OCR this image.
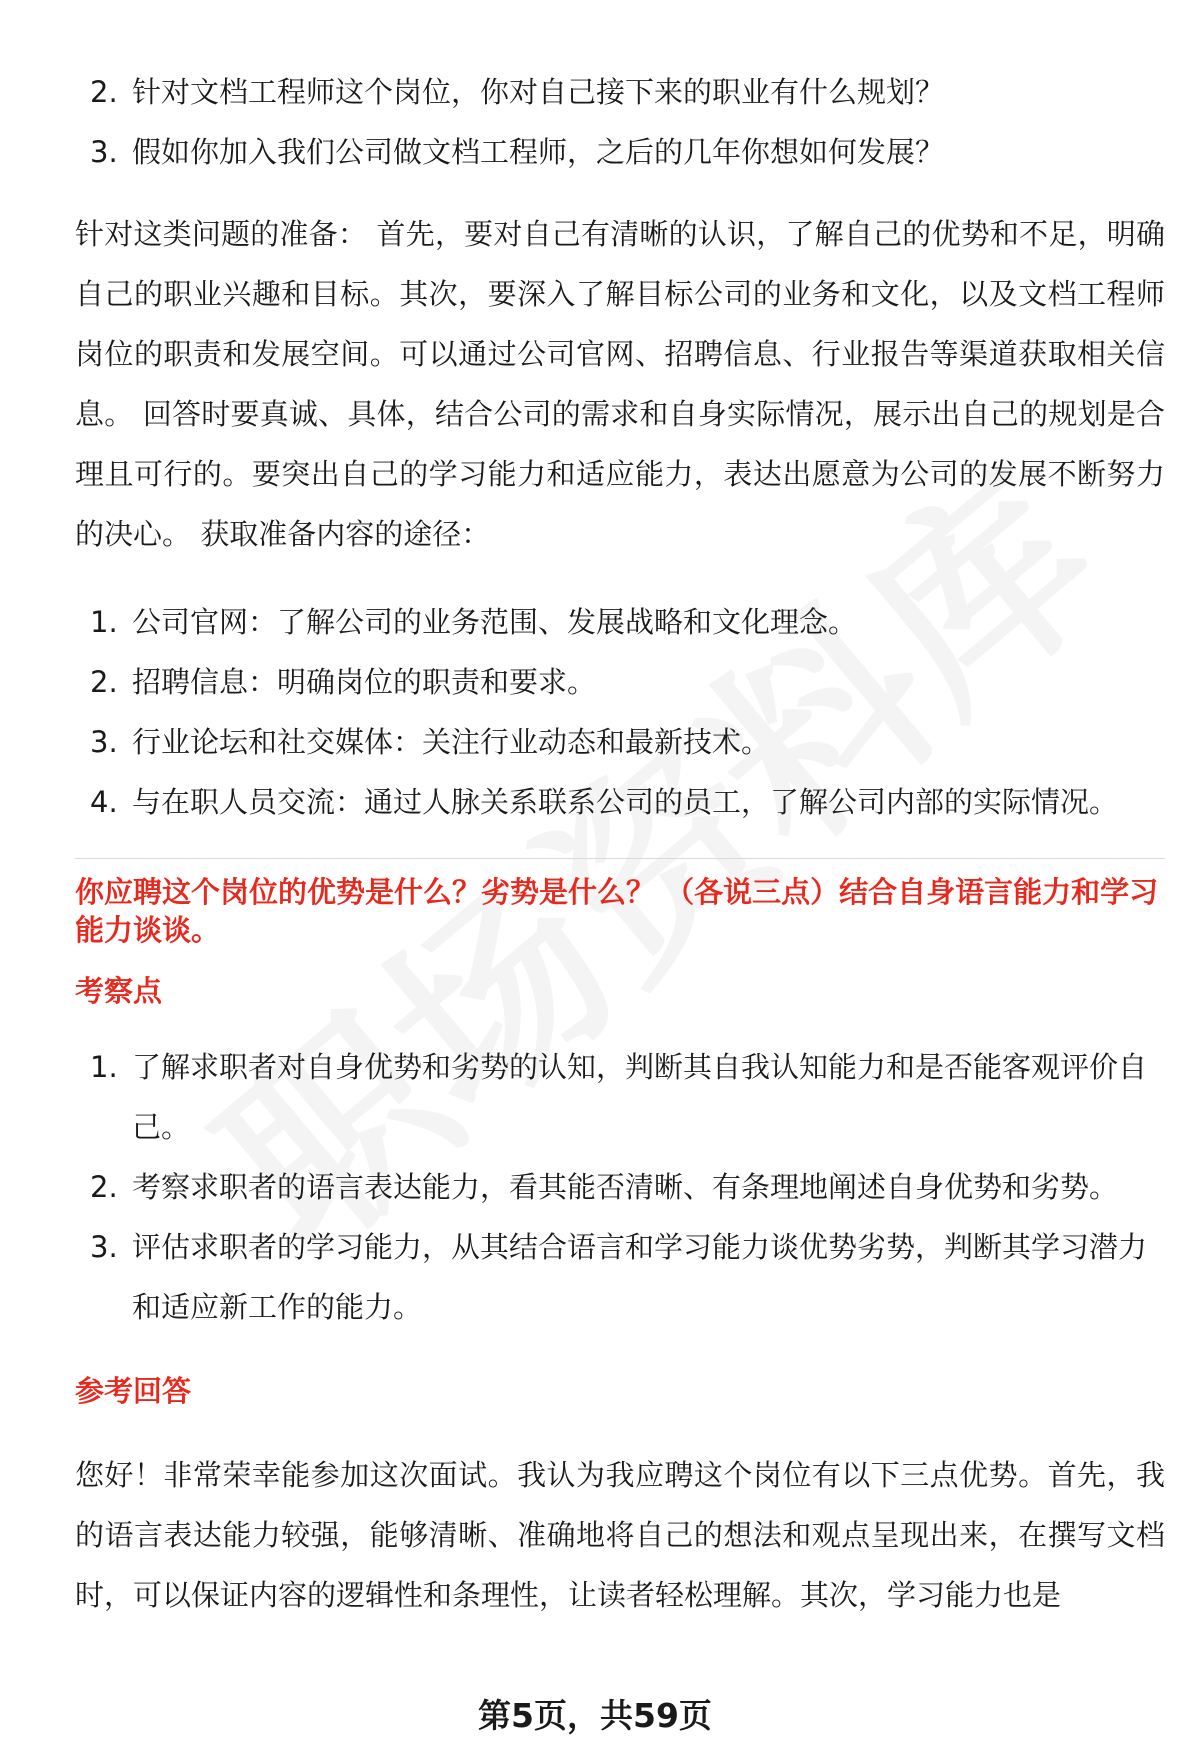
2. 针对文档工程师这个岗位，你对自己接下来的职业有什么规划？
3. 假如你加入我们公司做文档工程师，之后的几年你想如何发展？

针对这类问题的准备： 首先，要对自己有清晰的认识，了解自己的优势和不足，明确自己的职业兴趣和目标。其次，要深入了解目标公司的业务和文化，以及文档工程师岗位的职责和发展空间。可以通过公司官网、招聘信息、行业报告等渠道获取相关信息。 回答时要真诚、具体，结合公司的需求和自身实际情况，展示出自己的规划是合理且可行的。要突出自己的学习能力和适应能力，表达出愿意为公司的发展不断努力的决心。 获取准备内容的途径：

1. 公司官网：了解公司的业务范围、发展战略和文化理念。
2. 招聘信息：明确岗位的职责和要求。
3. 行业论坛和社交媒体：关注行业动态和最新技术。
4. 与在职人员交流：通过人脉关系联系公司的员工，了解公司内部的实际情况。
你应聘这个岗位的优势是什么？劣势是什么？ （各说三点）结合自身语言能力和学习能力谈谈。
考察点
1. 了解求职者对自身优势和劣势的认知，判断其自我认知能力和是否能客观评价自己。
2. 考察求职者的语言表达能力，看其能否清晰、有条理地阐述自身优势和劣势。
3. 评估求职者的学习能力，从其结合语言和学习能力谈优势劣势，判断其学习潜力和适应新工作的能力。
参考回答

您好！非常荣幸能参加这次面试。我认为我应聘这个岗位有以下三点优势。首先，我的语言表达能力较强，能够清晰、准确地将自己的想法和观点呈现出来，在撰写文档时，可以保证内容的逻辑性和条理性，让读者轻松理解。其次，学习能力也是

第5页，共59页
